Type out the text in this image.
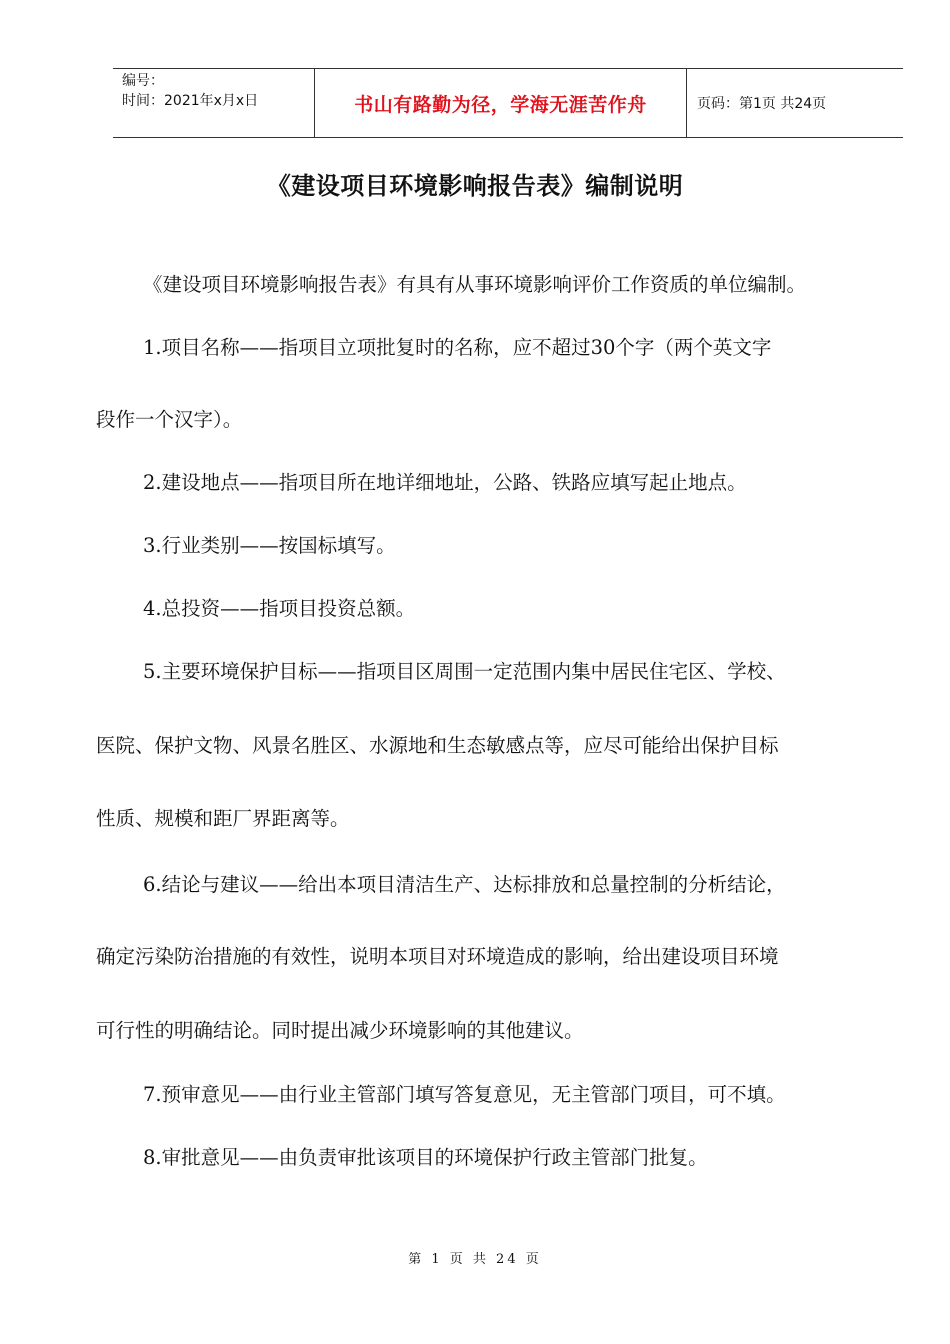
编号：
时间：2021年x月x日	书山有路勤为径，学海无涯苦作舟	页码：第1页 共24页
《建设项目环境影响报告表》编制说明
《建设项目环境影响报告表》有具有从事环境影响评价工作资质的单位编制。
1.项目名称——指项目立项批复时的名称，应不超过30个字（两个英文字
段作一个汉字）。
2.建设地点——指项目所在地详细地址，公路、铁路应填写起止地点。
3.行业类别——按国标填写。
4.总投资——指项目投资总额。
5.主要环境保护目标——指项目区周围一定范围内集中居民住宅区、学校、
医院、保护文物、风景名胜区、水源地和生态敏感点等，应尽可能给出保护目标
性质、规模和距厂界距离等。
6.结论与建议——给出本项目清洁生产、达标排放和总量控制的分析结论，
确定污染防治措施的有效性，说明本项目对环境造成的影响，给出建设项目环境
可行性的明确结论。同时提出减少环境影响的其他建议。
7.预审意见——由行业主管部门填写答复意见，无主管部门项目，可不填。
8.审批意见——由负责审批该项目的环境保护行政主管部门批复。
第 1 页 共 24 页
